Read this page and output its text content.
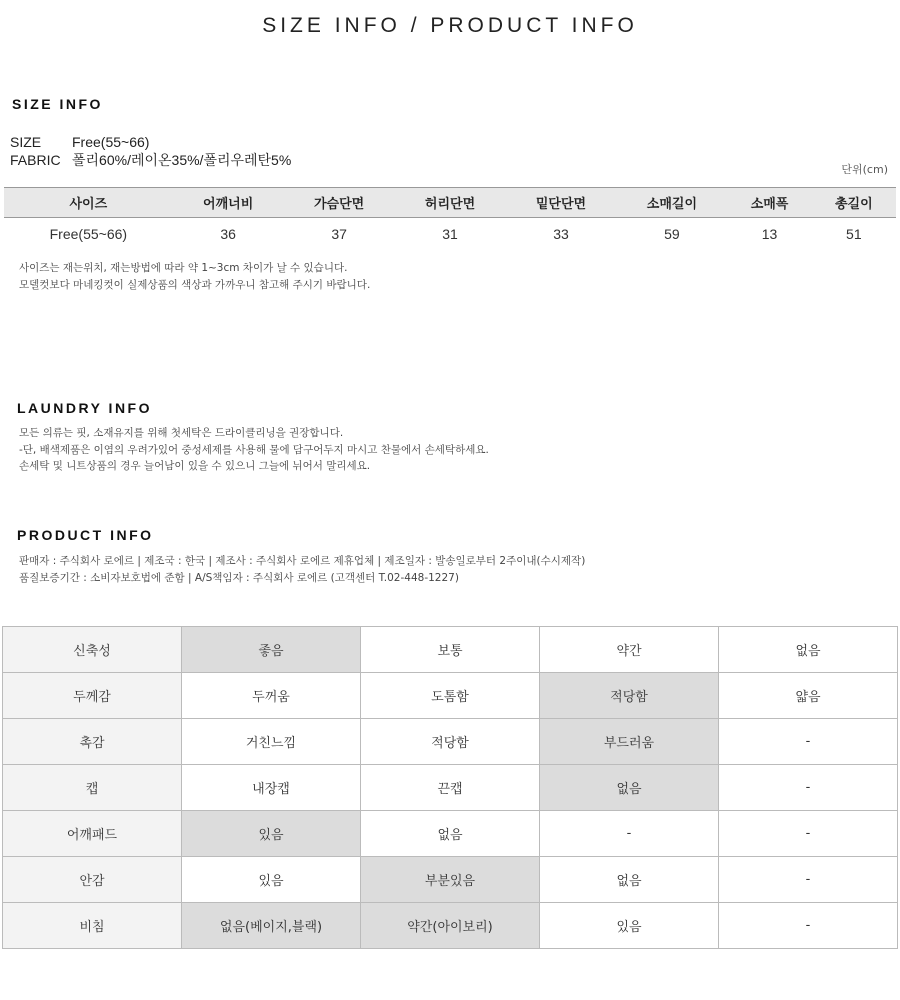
SIZE INFO / PRODUCT INFO
SIZE INFO
SIZE Free(55~66)
FABRIC 폴리60%/레이온35%/폴리우레탄5%
단위(cm)
사이즈	어깨너비	가슴단면	허리단면	밑단단면	소매길이	소매폭	총길이
Free(55~66)	36	37	31	33	59	13	51
사이즈는 재는위치, 재는방법에 따라 약 1~3cm 차이가 날 수 있습니다.
모델컷보다 마네킹컷이 실제상품의 색상과 가까우니 참고해 주시기 바랍니다.
LAUNDRY INFO
모든 의류는 핏, 소재유지를 위해 첫세탁은 드라이클리닝을 권장합니다.
-단, 배색제품은 이염의 우려가있어 중성세제를 사용해 물에 담구어두지 마시고 찬물에서 손세탁하세요.
손세탁 및 니트상품의 경우 늘어남이 있을 수 있으니 그늘에 뉘어서 말리세요.
PRODUCT INFO
판매자 : 주식회사 로에르 | 제조국 : 한국 | 제조사 : 주식회사 로에르 제휴업체 | 제조일자 : 발송일로부터 2주이내(수시제작)
품질보증기간 : 소비자보호법에 준함 | A/S책임자 : 주식회사 로에르 (고객센터 T.02-448-1227)
신축성	좋음	보통	약간	없음
두께감	두꺼움	도톰함	적당함	얇음
촉감	거친느낌	적당함	부드러움	-
캡	내장캡	끈캡	없음	-
어깨패드	있음	없음	-	-
안감	있음	부분있음	없음	-
비침	없음(베이지,블랙)	약간(아이보리)	있음	-
